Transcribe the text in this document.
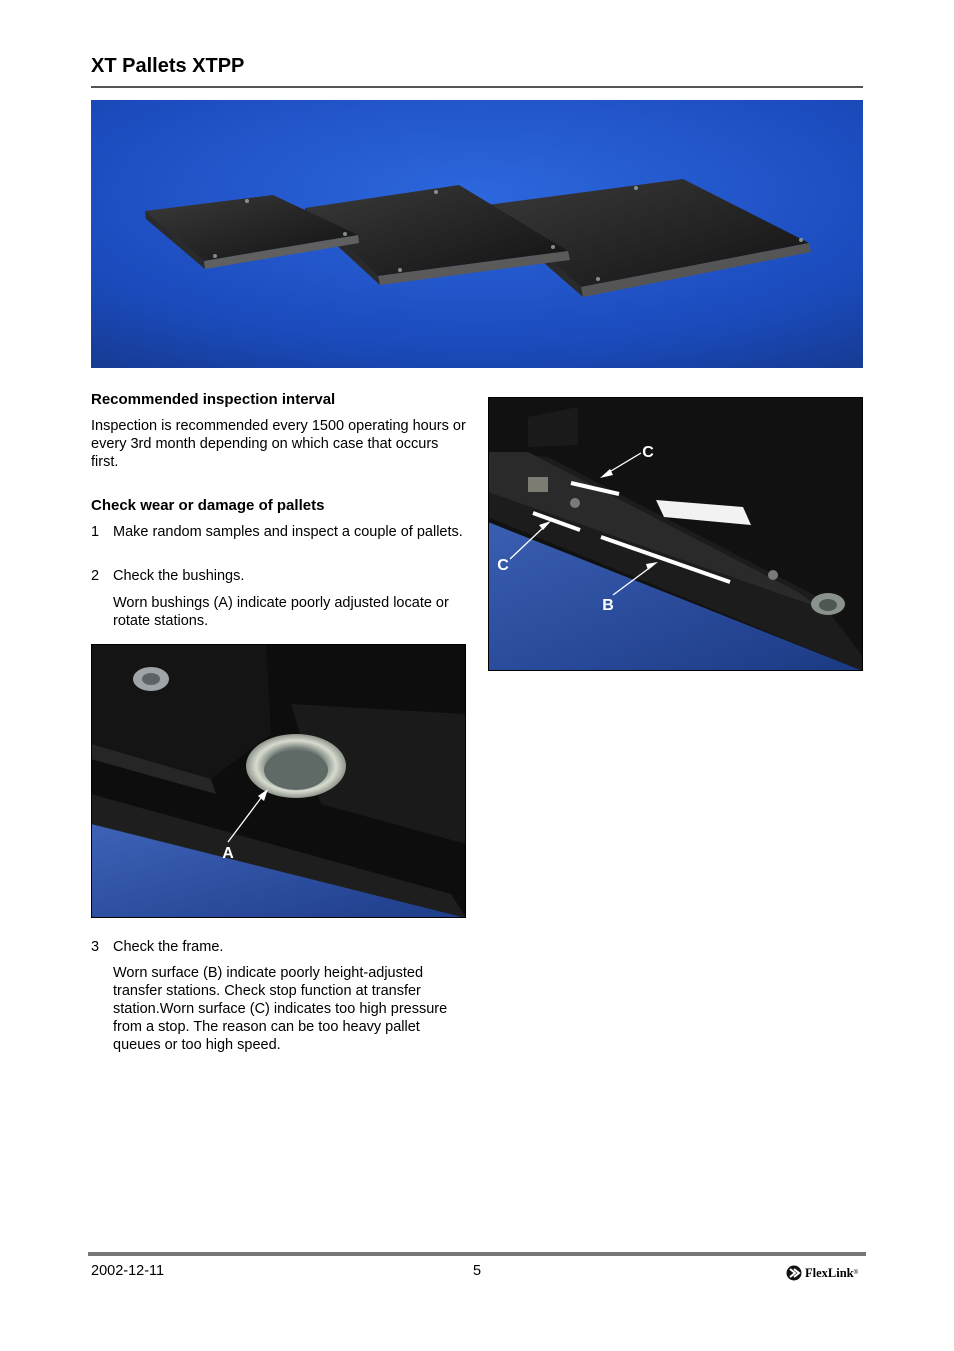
XT Pallets XTPP
Recommended inspection interval
Inspection is recommended every 1500 operating hours or every 3rd month depending on which case that occurs first.
Check wear or damage of pallets
1 Make random samples and inspect a couple of pallets.
2 Check the bushings.
Worn bushings (A) indicate poorly adjusted locate or rotate stations.
3 Check the frame.
Worn surface (B) indicate poorly height-adjusted transfer stations. Check stop function at transfer station.Worn surface (C) indicates too high pressure from a stop. The reason can be too heavy pallet queues or too high speed.
A
C
C
B
2002-12-11	5	FlexLink ®
